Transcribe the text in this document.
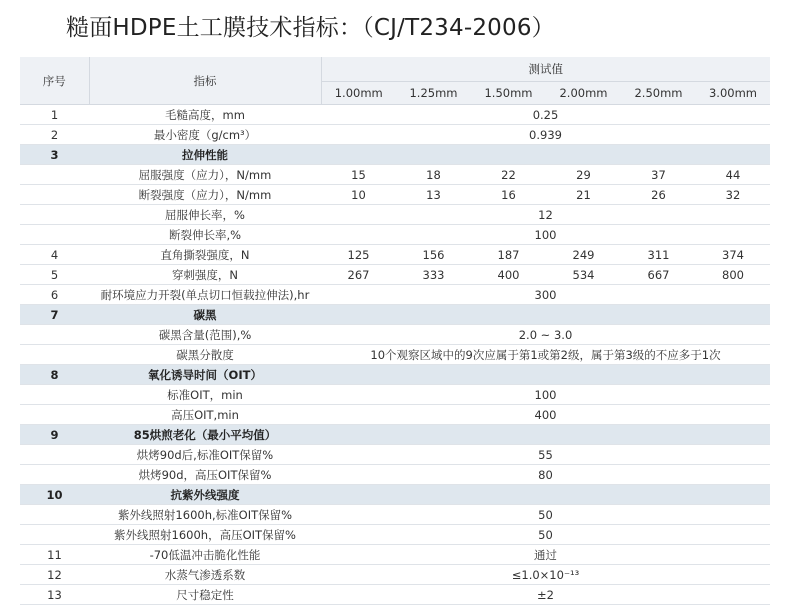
糙面HDPE土工膜技术指标：（CJ/T234-2006）
序号	指标	测试值					
		1.00mm	1.25mm	1.50mm	2.00mm	2.50mm	3.00mm
1	毛糙高度，mm	0.25					
2	最小密度（g/cm³）	0.939					
3	拉伸性能						
	屈服强度（应力），N/mm	15	18	22	29	37	44
	断裂强度（应力），N/mm	10	13	16	21	26	32
	屈服伸长率，%	12					
	断裂伸长率,%	100					
4	直角撕裂强度，N	125	156	187	249	311	374
5	穿刺强度，N	267	333	400	534	667	800
6	耐环境应力开裂(单点切口恒载拉伸法),hr	300					
7	碳黑						
	碳黑含量(范围),%	2.0 ~ 3.0					
	碳黑分散度	10个观察区域中的9次应属于第1或第2级，属于第3级的不应多于1次					
8	氧化诱导时间（OIT）						
	标准OIT，min	100					
	高压OIT,min	400					
9	85烘煎老化（最小平均值）						
	烘烤90d后,标准OIT保留%	55					
	烘烤90d，高压OIT保留%	80					
10	抗紫外线强度						
	紫外线照射1600h,标准OIT保留%	50					
	紫外线照射1600h，高压OIT保留%	50					
11	-70低温冲击脆化性能	通过					
12	水蒸气渗透系数	≤1.0×10⁻¹³					
13	尺寸稳定性	±2					
